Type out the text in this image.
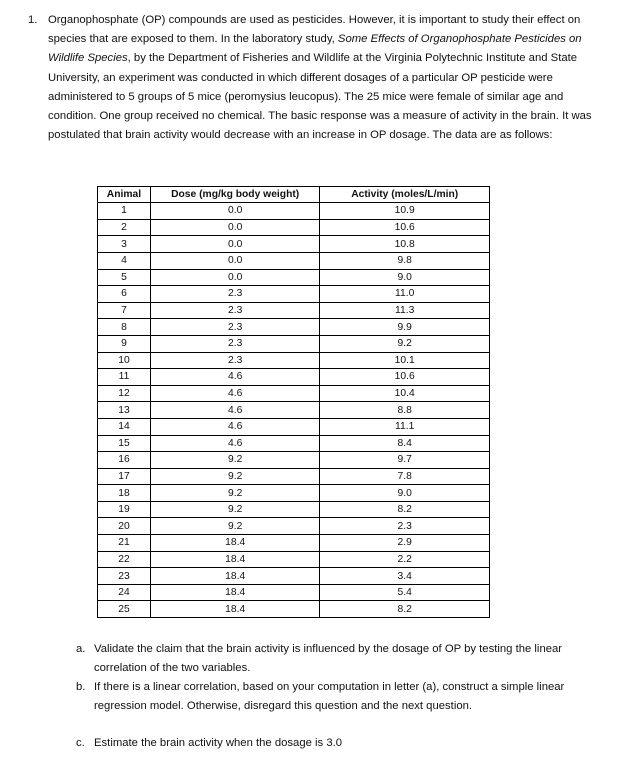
1. Organophosphate (OP) compounds are used as pesticides. However, it is important to study their effect on species that are exposed to them. In the laboratory study, Some Effects of Organophosphate Pesticides on Wildlife Species, by the Department of Fisheries and Wildlife at the Virginia Polytechnic Institute and State University, an experiment was conducted in which different dosages of a particular OP pesticide were administered to 5 groups of 5 mice (peromysius leucopus). The 25 mice were female of similar age and condition. One group received no chemical. The basic response was a measure of activity in the brain. It was postulated that brain activity would decrease with an increase in OP dosage. The data are as follows:
Animal	Dose (mg/kg body weight)	Activity (moles/L/min)
1	0.0	10.9
2	0.0	10.6
3	0.0	10.8
4	0.0	9.8
5	0.0	9.0
6	2.3	11.0
7	2.3	11.3
8	2.3	9.9
9	2.3	9.2
10	2.3	10.1
11	4.6	10.6
12	4.6	10.4
13	4.6	8.8
14	4.6	11.1
15	4.6	8.4
16	9.2	9.7
17	9.2	7.8
18	9.2	9.0
19	9.2	8.2
20	9.2	2.3
21	18.4	2.9
22	18.4	2.2
23	18.4	3.4
24	18.4	5.4
25	18.4	8.2
a. Validate the claim that the brain activity is influenced by the dosage of OP by testing the linear correlation of the two variables.
b. If there is a linear correlation, based on your computation in letter (a), construct a simple linear regression model. Otherwise, disregard this question and the next question.
c. Estimate the brain activity when the dosage is 3.0
